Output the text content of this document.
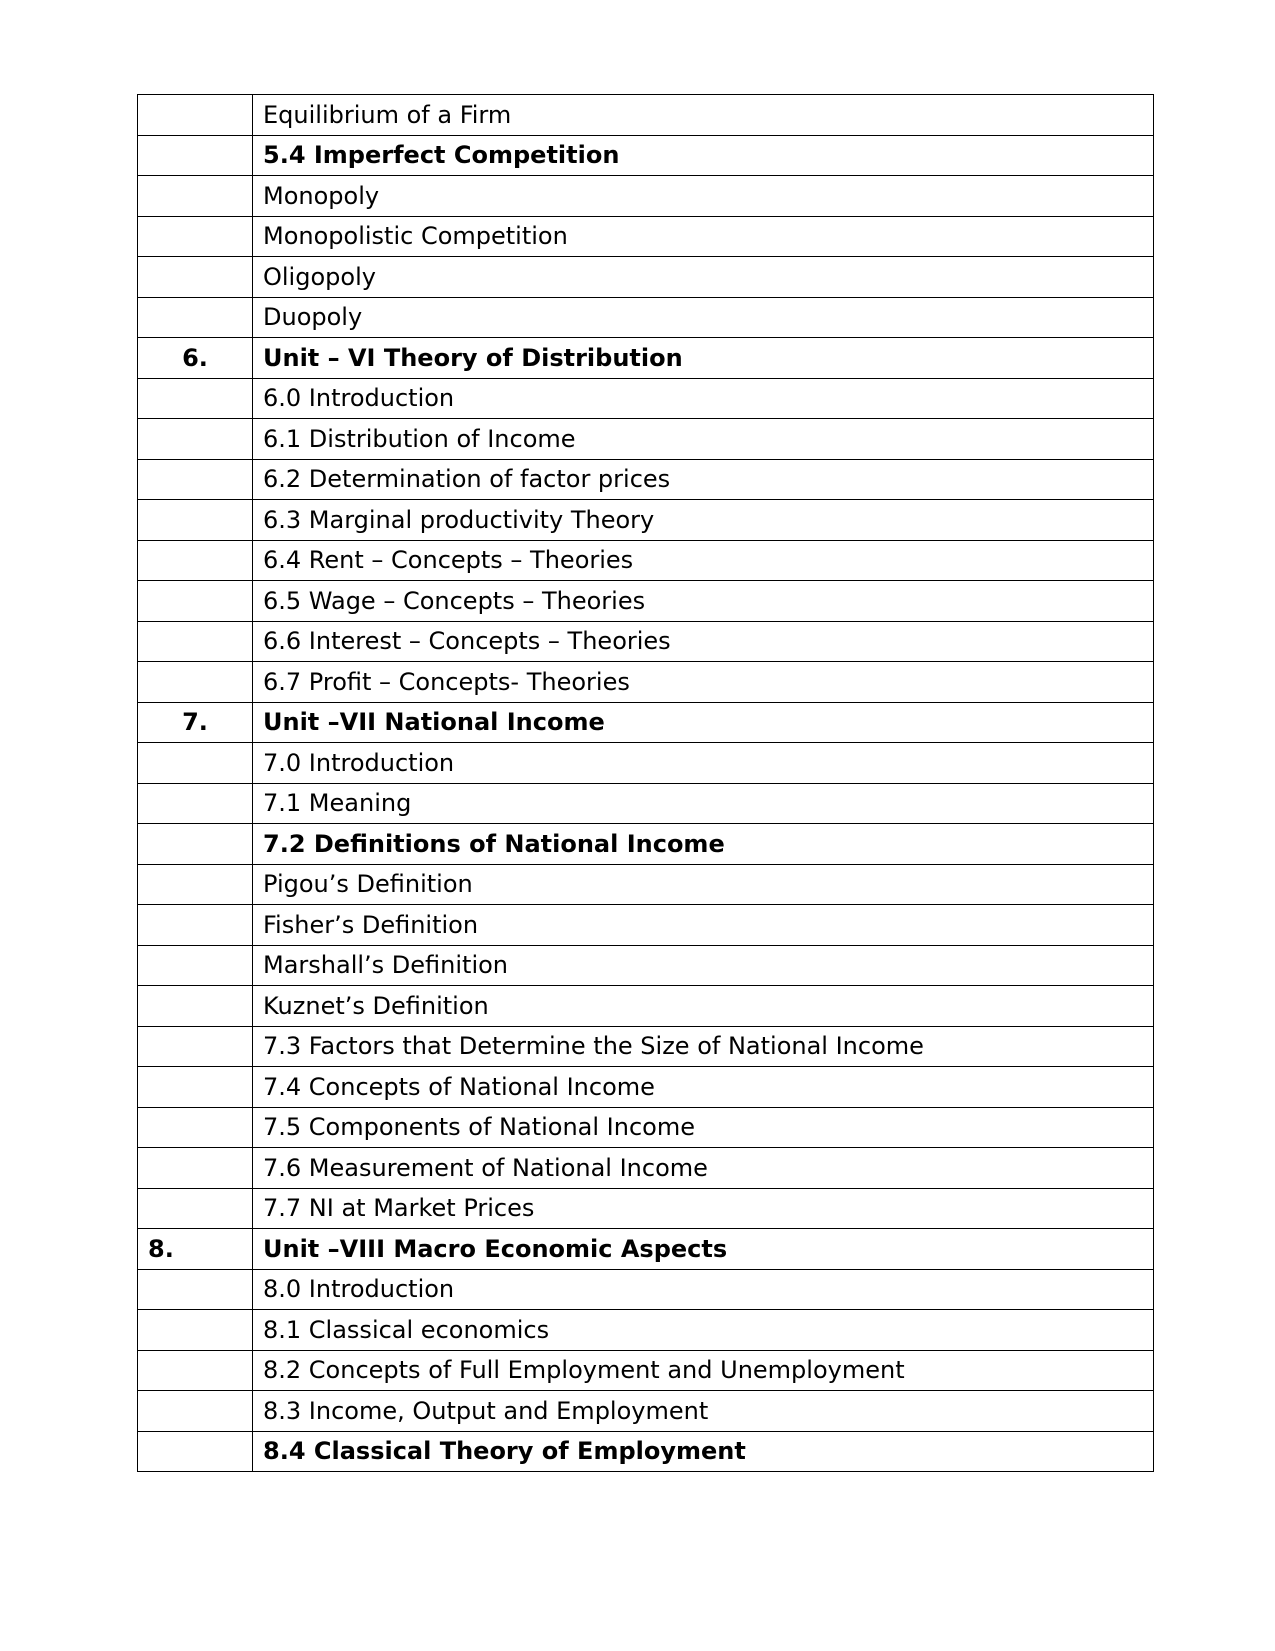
	Equilibrium of a Firm
	5.4 Imperfect Competition
	Monopoly
	Monopolistic Competition
	Oligopoly
	Duopoly
6.	Unit – VI Theory of Distribution
	6.0 Introduction
	6.1 Distribution of Income
	6.2 Determination of factor prices
	6.3 Marginal productivity Theory
	6.4 Rent – Concepts – Theories
	6.5 Wage – Concepts – Theories
	6.6 Interest – Concepts – Theories
	6.7 Profit – Concepts- Theories
7.	Unit –VII National Income
	7.0 Introduction
	7.1 Meaning
	7.2 Definitions of National Income
	Pigou’s Definition
	Fisher’s Definition
	Marshall’s Definition
	Kuznet’s Definition
	7.3 Factors that Determine the Size of National Income
	7.4 Concepts of National Income
	7.5 Components of National Income
	7.6 Measurement of National Income
	7.7 NI at Market Prices
8.	Unit –VIII Macro Economic Aspects
	8.0 Introduction
	8.1 Classical economics
	8.2 Concepts of Full Employment and Unemployment
	8.3 Income, Output and Employment
	8.4 Classical Theory of Employment
